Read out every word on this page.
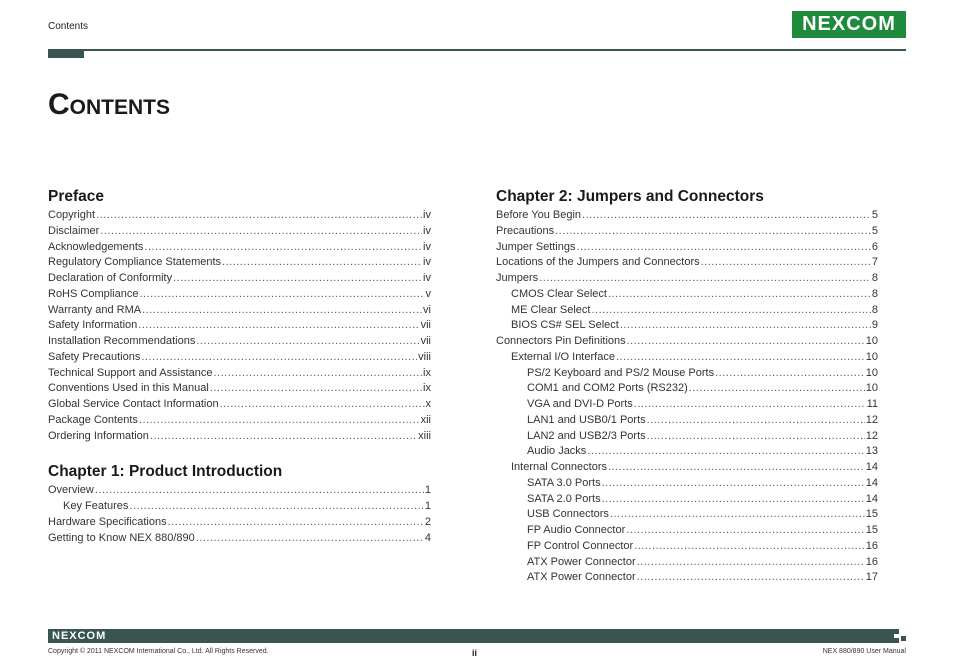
Contents	NEXCOM
Contents
Preface
Copyright .....	iv
Disclaimer .....	iv
Acknowledgements .....	iv
Regulatory Compliance Statements .....	iv
Declaration of Conformity .....	iv
RoHS Compliance .....	v
Warranty and RMA .....	vi
Safety Information .....	vii
Installation Recommendations .....	vii
Safety Precautions .....	viii
Technical Support and Assistance .....	ix
Conventions Used in this Manual .....	ix
Global Service Contact Information .....	x
Package Contents .....	xii
Ordering Information .....	xiii
Chapter 1: Product Introduction
Overview .....	1
Key Features .....	1
Hardware Specifications .....	2
Getting to Know NEX 880/890 .....	4
Chapter 2: Jumpers and Connectors
Before You Begin .....	5
Precautions .....	5
Jumper Settings .....	6
Locations of the Jumpers and Connectors .....	7
Jumpers .....	8
CMOS Clear Select .....	8
ME Clear Select .....	8
BIOS CS# SEL Select .....	9
Connectors Pin Definitions .....	10
External I/O Interface .....	10
PS/2 Keyboard and PS/2 Mouse Ports .....	10
COM1 and COM2 Ports (RS232) .....	10
VGA and DVI-D Ports .....	11
LAN1 and USB0/1 Ports .....	12
LAN2 and USB2/3 Ports .....	12
Audio Jacks .....	13
Internal Connectors .....	14
SATA 3.0 Ports .....	14
SATA 2.0 Ports .....	14
USB Connectors .....	15
FP Audio Connector .....	15
FP Control Connector .....	16
ATX Power Connector .....	16
ATX Power Connector .....	17
NEXCOM
Copyright © 2011 NEXCOM International Co., Ltd. All Rights Reserved.	ii	NEX 880/890 User Manual
